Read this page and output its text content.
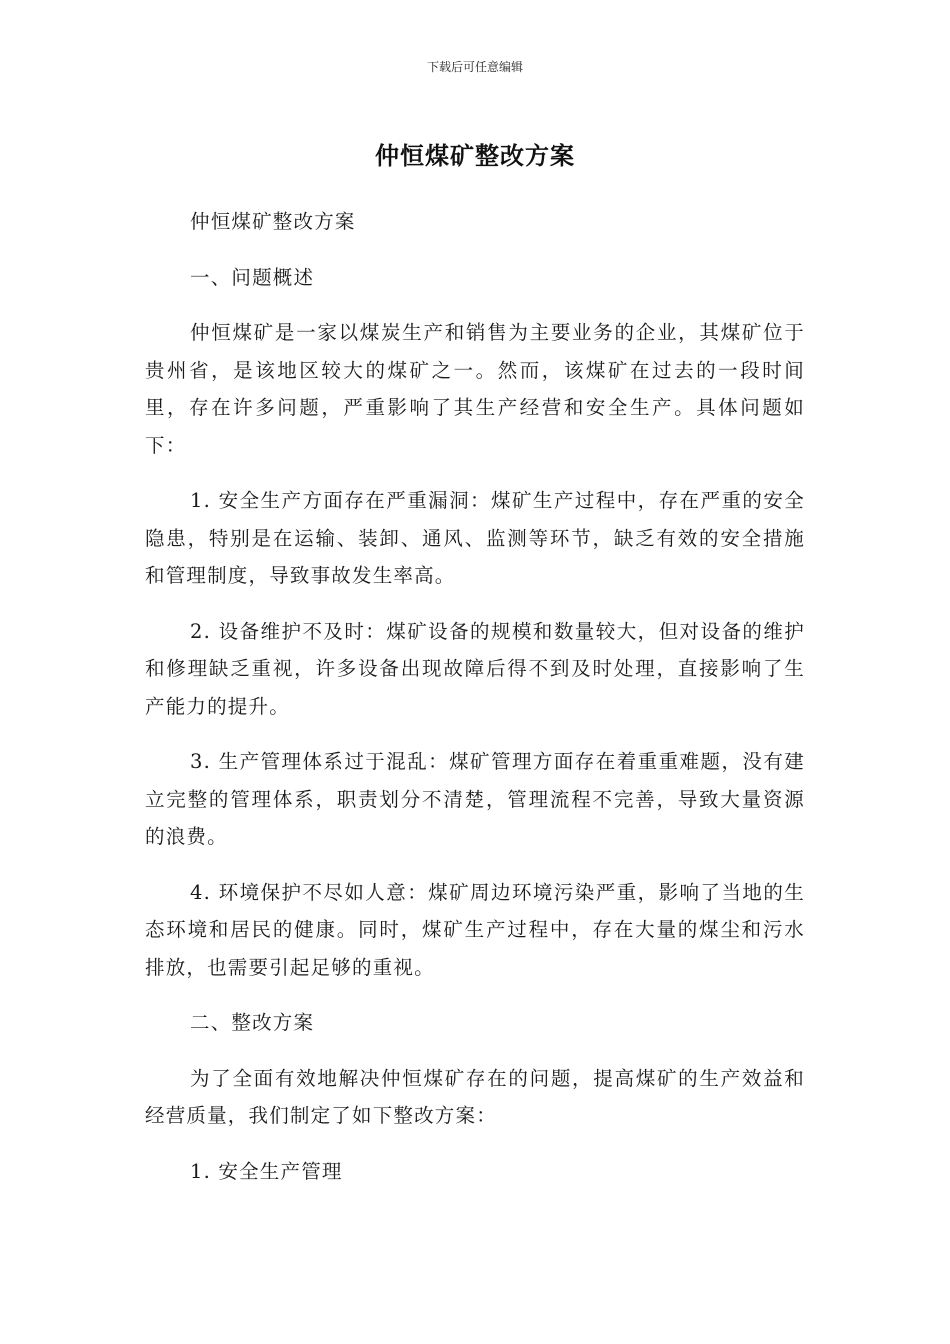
下载后可任意编辑
仲恒煤矿整改方案

仲恒煤矿整改方案

一、问题概述

仲恒煤矿是一家以煤炭生产和销售为主要业务的企业，其煤矿位于贵州省，是该地区较大的煤矿之一。然而，该煤矿在过去的一段时间里，存在许多问题，严重影响了其生产经营和安全生产。具体问题如下：

1. 安全生产方面存在严重漏洞：煤矿生产过程中，存在严重的安全隐患，特别是在运输、装卸、通风、监测等环节，缺乏有效的安全措施和管理制度，导致事故发生率高。

2. 设备维护不及时：煤矿设备的规模和数量较大，但对设备的维护和修理缺乏重视，许多设备出现故障后得不到及时处理，直接影响了生产能力的提升。

3. 生产管理体系过于混乱：煤矿管理方面存在着重重难题，没有建立完整的管理体系，职责划分不清楚，管理流程不完善，导致大量资源的浪费。

4. 环境保护不尽如人意：煤矿周边环境污染严重，影响了当地的生态环境和居民的健康。同时，煤矿生产过程中，存在大量的煤尘和污水排放，也需要引起足够的重视。

二、整改方案

为了全面有效地解决仲恒煤矿存在的问题，提高煤矿的生产效益和经营质量，我们制定了如下整改方案：

1. 安全生产管理
